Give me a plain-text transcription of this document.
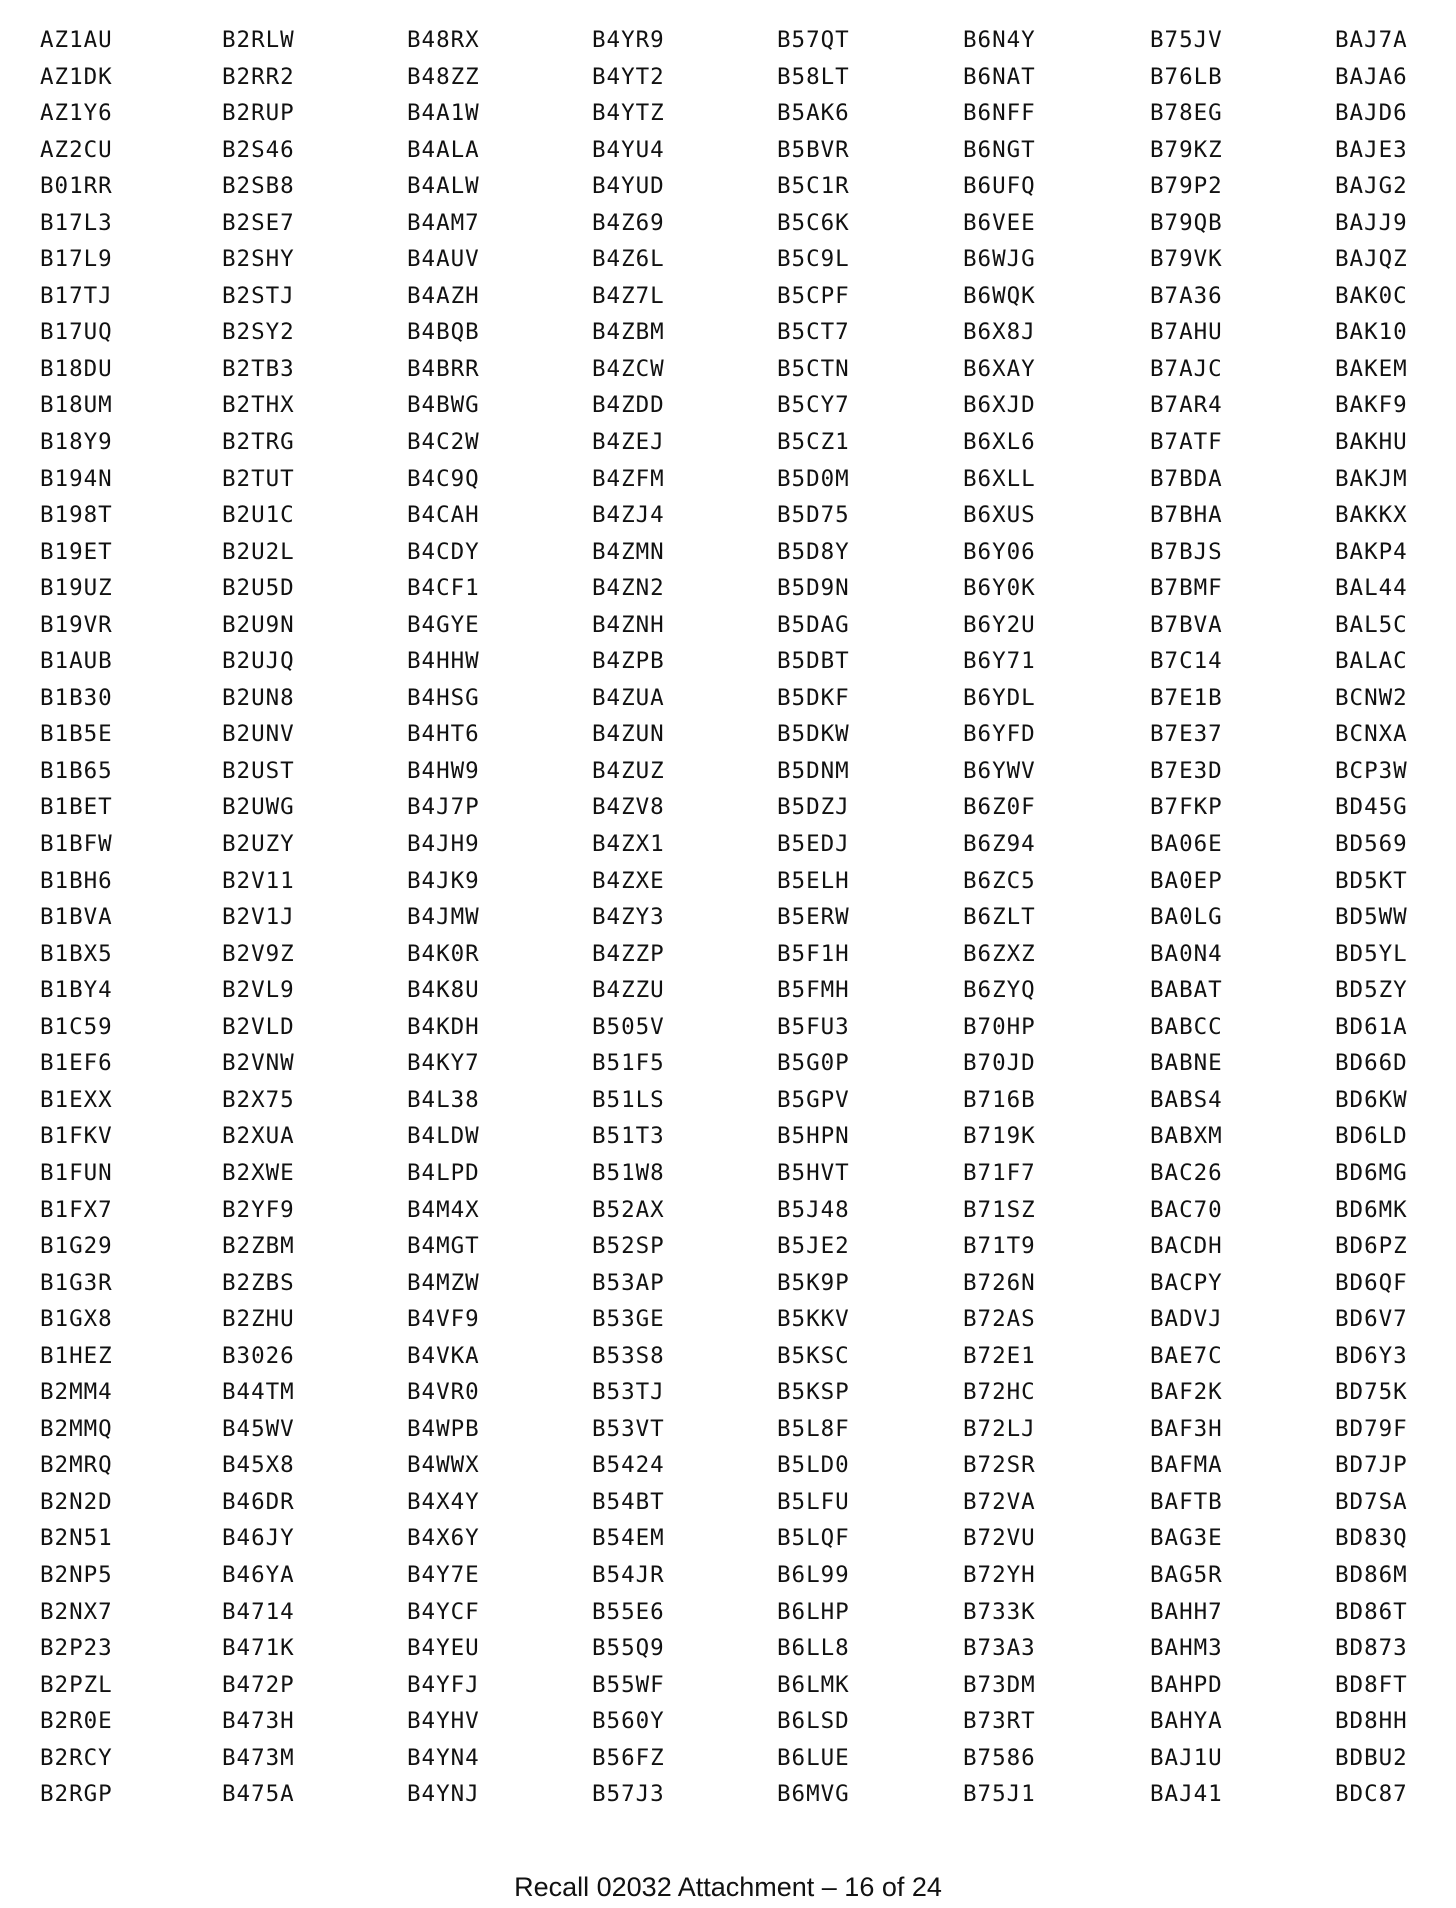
AZ1AU
AZ1DK
AZ1Y6
AZ2CU
B01RR
B17L3
B17L9
B17TJ
B17UQ
B18DU
B18UM
B18Y9
B194N
B198T
B19ET
B19UZ
B19VR
B1AUB
B1B30
B1B5E
B1B65
B1BET
B1BFW
B1BH6
B1BVA
B1BX5
B1BY4
B1C59
B1EF6
B1EXX
B1FKV
B1FUN
B1FX7
B1G29
B1G3R
B1GX8
B1HEZ
B2MM4
B2MMQ
B2MRQ
B2N2D
B2N51
B2NP5
B2NX7
B2P23
B2PZL
B2R0E
B2RCY
B2RGP
B2RLW
B2RR2
B2RUP
B2S46
B2SB8
B2SE7
B2SHY
B2STJ
B2SY2
B2TB3
B2THX
B2TRG
B2TUT
B2U1C
B2U2L
B2U5D
B2U9N
B2UJQ
B2UN8
B2UNV
B2UST
B2UWG
B2UZY
B2V11
B2V1J
B2V9Z
B2VL9
B2VLD
B2VNW
B2X75
B2XUA
B2XWE
B2YF9
B2ZBM
B2ZBS
B2ZHU
B3026
B44TM
B45WV
B45X8
B46DR
B46JY
B46YA
B4714
B471K
B472P
B473H
B473M
B475A
B48RX
B48ZZ
B4A1W
B4ALA
B4ALW
B4AM7
B4AUV
B4AZH
B4BQB
B4BRR
B4BWG
B4C2W
B4C9Q
B4CAH
B4CDY
B4CF1
B4GYE
B4HHW
B4HSG
B4HT6
B4HW9
B4J7P
B4JH9
B4JK9
B4JMW
B4K0R
B4K8U
B4KDH
B4KY7
B4L38
B4LDW
B4LPD
B4M4X
B4MGT
B4MZW
B4VF9
B4VKA
B4VR0
B4WPB
B4WWX
B4X4Y
B4X6Y
B4Y7E
B4YCF
B4YEU
B4YFJ
B4YHV
B4YN4
B4YNJ
B4YR9
B4YT2
B4YTZ
B4YU4
B4YUD
B4Z69
B4Z6L
B4Z7L
B4ZBM
B4ZCW
B4ZDD
B4ZEJ
B4ZFM
B4ZJ4
B4ZMN
B4ZN2
B4ZNH
B4ZPB
B4ZUA
B4ZUN
B4ZUZ
B4ZV8
B4ZX1
B4ZXE
B4ZY3
B4ZZP
B4ZZU
B505V
B51F5
B51LS
B51T3
B51W8
B52AX
B52SP
B53AP
B53GE
B53S8
B53TJ
B53VT
B5424
B54BT
B54EM
B54JR
B55E6
B55Q9
B55WF
B560Y
B56FZ
B57J3
B57QT
B58LT
B5AK6
B5BVR
B5C1R
B5C6K
B5C9L
B5CPF
B5CT7
B5CTN
B5CY7
B5CZ1
B5D0M
B5D75
B5D8Y
B5D9N
B5DAG
B5DBT
B5DKF
B5DKW
B5DNM
B5DZJ
B5EDJ
B5ELH
B5ERW
B5F1H
B5FMH
B5FU3
B5G0P
B5GPV
B5HPN
B5HVT
B5J48
B5JE2
B5K9P
B5KKV
B5KSC
B5KSP
B5L8F
B5LD0
B5LFU
B5LQF
B6L99
B6LHP
B6LL8
B6LMK
B6LSD
B6LUE
B6MVG
B6N4Y
B6NAT
B6NFF
B6NGT
B6UFQ
B6VEE
B6WJG
B6WQK
B6X8J
B6XAY
B6XJD
B6XL6
B6XLL
B6XUS
B6Y06
B6Y0K
B6Y2U
B6Y71
B6YDL
B6YFD
B6YWV
B6Z0F
B6Z94
B6ZC5
B6ZLT
B6ZXZ
B6ZYQ
B70HP
B70JD
B716B
B719K
B71F7
B71SZ
B71T9
B726N
B72AS
B72E1
B72HC
B72LJ
B72SR
B72VA
B72VU
B72YH
B733K
B73A3
B73DM
B73RT
B7586
B75J1
B75JV
B76LB
B78EG
B79KZ
B79P2
B79QB
B79VK
B7A36
B7AHU
B7AJC
B7AR4
B7ATF
B7BDA
B7BHA
B7BJS
B7BMF
B7BVA
B7C14
B7E1B
B7E37
B7E3D
B7FKP
BA06E
BA0EP
BA0LG
BA0N4
BABAT
BABCC
BABNE
BABS4
BABXM
BAC26
BAC70
BACDH
BACPY
BADVJ
BAE7C
BAF2K
BAF3H
BAFMA
BAFTB
BAG3E
BAG5R
BAHH7
BAHM3
BAHPD
BAHYA
BAJ1U
BAJ41
BAJ7A
BAJA6
BAJD6
BAJE3
BAJG2
BAJJ9
BAJQZ
BAK0C
BAK10
BAKEM
BAKF9
BAKHU
BAKJM
BAKKX
BAKP4
BAL44
BAL5C
BALAC
BCNW2
BCNXA
BCP3W
BD45G
BD569
BD5KT
BD5WW
BD5YL
BD5ZY
BD61A
BD66D
BD6KW
BD6LD
BD6MG
BD6MK
BD6PZ
BD6QF
BD6V7
BD6Y3
BD75K
BD79F
BD7JP
BD7SA
BD83Q
BD86M
BD86T
BD873
BD8FT
BD8HH
BDBU2
BDC87
Recall 02032 Attachment – 16 of 24
